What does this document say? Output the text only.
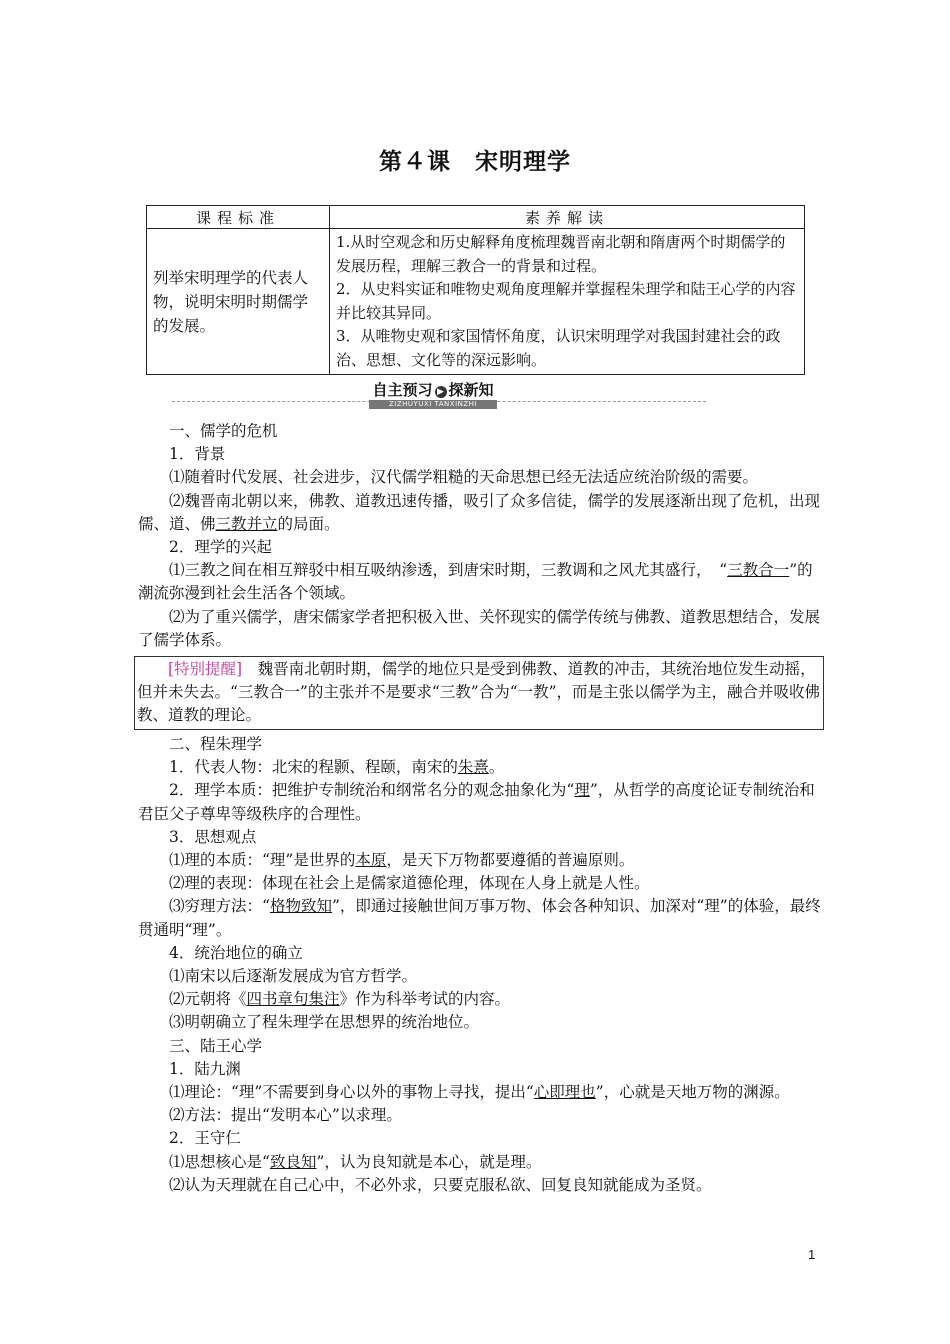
第４课　宋明理学
课程标准	素养解读
列举宋明理学的代表人物，说明宋明时期儒学的发展。	1.从时空观念和历史解释角度梳理魏晋南北朝和隋唐两个时期儒学的发展历程，理解三教合一的背景和过程。
2．从史料实证和唯物史观角度理解并掌握程朱理学和陆王心学的内容并比较其异同。
3．从唯物史观和家国情怀角度，认识宋明理学对我国封建社会的政治、思想、文化等的深远影响。
自主预习 ▶ 探新知
ZIZHUYUXI TANXINZHI

一、儒学的危机

1．背景

⑴随着时代发展、社会进步，汉代儒学粗糙的天命思想已经无法适应统治阶级的需要。

⑵魏晋南北朝以来，佛教、道教迅速传播，吸引了众多信徒，儒学的发展逐渐出现了危机，出现儒、道、佛三教并立的局面。

2．理学的兴起

⑴三教之间在相互辩驳中相互吸纳渗透，到唐宋时期，三教调和之风尤其盛行，　“三教合一”的潮流弥漫到社会生活各个领域。

⑵为了重兴儒学，唐宋儒家学者把积极入世、关怀现实的儒学传统与佛教、道教思想结合，发展了儒学体系。

[特别提醒]　魏晋南北朝时期，儒学的地位只是受到佛教、道教的冲击，其统治地位发生动摇，但并未失去。“三教合一”的主张并不是要求“三教”合为“一教”，而是主张以儒学为主，融合并吸收佛教、道教的理论。

二、程朱理学

1．代表人物：北宋的程颢、程颐，南宋的朱熹。

2．理学本质：把维护专制统治和纲常名分的观念抽象化为“理”，从哲学的高度论证专制统治和君臣父子尊卑等级秩序的合理性。

3．思想观点

⑴理的本质：“理”是世界的本原，是天下万物都要遵循的普遍原则。

⑵理的表现：体现在社会上是儒家道德伦理，体现在人身上就是人性。

⑶穷理方法：“格物致知”，即通过接触世间万事万物、体会各种知识、加深对“理”的体验，最终贯通明“理”。

4．统治地位的确立

⑴南宋以后逐渐发展成为官方哲学。

⑵元朝将《四书章句集注》作为科举考试的内容。

⑶明朝确立了程朱理学在思想界的统治地位。

三、陆王心学

1．陆九渊

⑴理论：“理”不需要到身心以外的事物上寻找，提出“心即理也”，心就是天地万物的渊源。

⑵方法：提出“发明本心”以求理。

2．王守仁

⑴思想核心是“致良知”，认为良知就是本心，就是理。

⑵认为天理就在自己心中，不必外求，只要克服私欲、回复良知就能成为圣贤。

1
